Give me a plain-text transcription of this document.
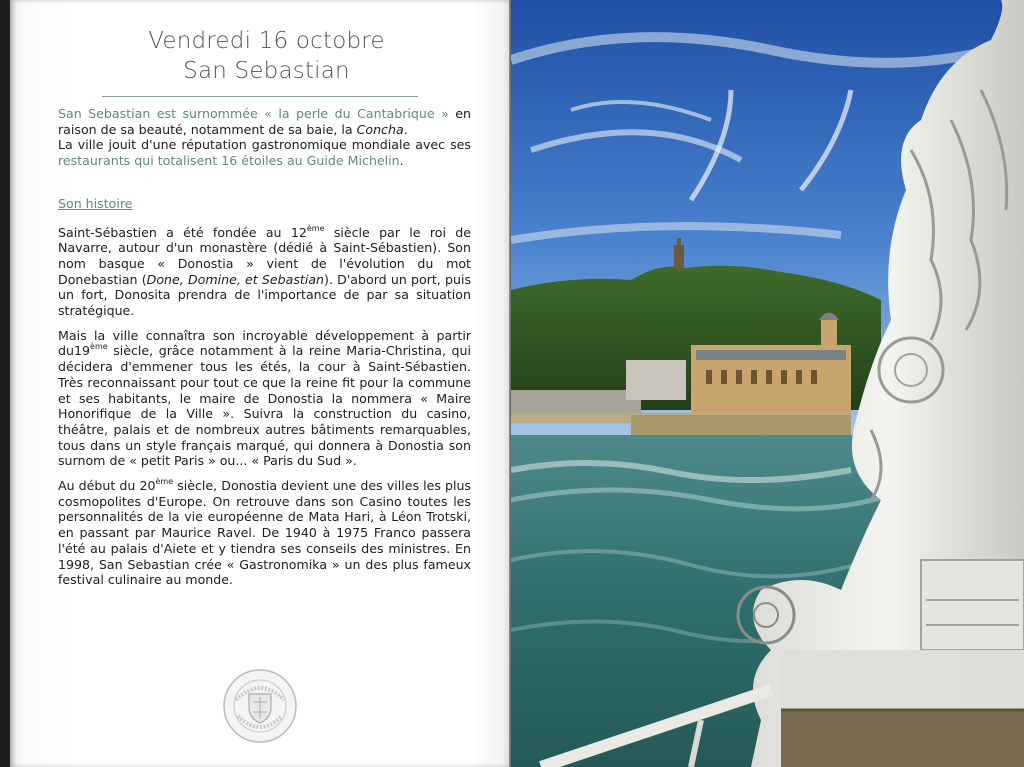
Vendredi 16 octobre
San Sebastian

San Sebastian est surnommée « la perle du Cantabrique » en raison de sa beauté, notamment de sa baie, la Concha.
La ville jouit d'une réputation gastronomique mondiale avec ses restaurants qui totalisent 16 étoiles au Guide Michelin.

Son histoire

Saint-Sébastien a été fondée au 12ème siècle par le roi de Navarre, autour d'un monastère (dédié à Saint-Sébastien). Son nom basque « Donostia » vient de l'évolution du mot Donebastian (Done, Domine, et Sebastian). D'abord un port, puis un fort, Donosita prendra de l'importance de par sa situation stratégique.

Mais la ville connaîtra son incroyable développement à partir du19ème siècle, grâce notamment à la reine Maria-Christina, qui décidera d'emmener tous les étés, la cour à Saint-Sébastien. Très reconnaissant pour tout ce que la reine fit pour la commune et ses habitants, le maire de Donostia la nommera « Maire Honorifique de la Ville ». Suivra la construction du casino, théâtre, palais et de nombreux autres bâtiments remarquables, tous dans un style français marqué, qui donnera à Donostia son surnom de « petit Paris » ou... « Paris du Sud ».

Au début du 20ème siècle, Donostia devient une des villes les plus cosmopolites d'Europe. On retrouve dans son Casino toutes les personnalités de la vie européenne de Mata Hari, à Léon Trotski, en passant par Maurice Ravel. De 1940 à 1975 Franco passera l'été au palais d'Aiete et y tiendra ses conseils des ministres. En 1998, San Sebastian crée « Gastronomika » un des plus fameux festival culinaire au monde.
